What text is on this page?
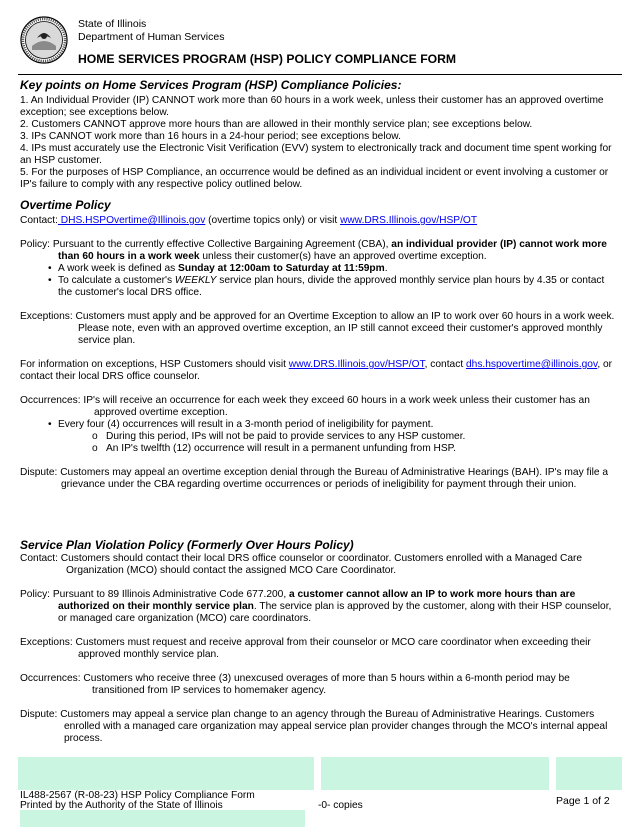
State of Illinois
Department of Human Services
HOME SERVICES PROGRAM (HSP) POLICY COMPLIANCE FORM
Key points on Home Services Program (HSP) Compliance Policies:
1. An Individual Provider (IP) CANNOT work more than 60 hours in a work week, unless their customer has an approved overtime exception; see exceptions below.
2. Customers CANNOT approve more hours than are allowed in their monthly service plan; see exceptions below.
3. IPs CANNOT work more than 16 hours in a 24-hour period; see exceptions below.
4. IPs must accurately use the Electronic Visit Verification (EVV) system to electronically track and document time spent working for an HSP customer.
5. For the purposes of HSP Compliance, an occurrence would be defined as an individual incident or event involving a customer or IP's failure to comply with any respective policy outlined below.
Overtime Policy
Contact: DHS.HSPOvertime@Illinois.gov (overtime topics only) or visit www.DRS.Illinois.gov/HSP/OT
Policy: Pursuant to the currently effective Collective Bargaining Agreement (CBA), an individual provider (IP) cannot work more than 60 hours in a work week unless their customer(s) have an approved overtime exception.
• A work week is defined as Sunday at 12:00am to Saturday at 11:59pm.
• To calculate a customer's WEEKLY service plan hours, divide the approved monthly service plan hours by 4.35 or contact the customer's local DRS office.
Exceptions: Customers must apply and be approved for an Overtime Exception to allow an IP to work over 60 hours in a work week. Please note, even with an approved overtime exception, an IP still cannot exceed their customer's approved monthly service plan.
For information on exceptions, HSP Customers should visit www.DRS.Illinois.gov/HSP/OT, contact dhs.hspovertime@illinois.gov, or contact their local DRS office counselor.
Occurrences: IP's will receive an occurrence for each week they exceed 60 hours in a work week unless their customer has an approved overtime exception.
• Every four (4) occurrences will result in a 3-month period of ineligibility for payment.
o During this period, IPs will not be paid to provide services to any HSP customer.
o An IP's twelfth (12) occurrence will result in a permanent unfunding from HSP.
Dispute: Customers may appeal an overtime exception denial through the Bureau of Administrative Hearings (BAH). IP's may file a grievance under the CBA regarding overtime occurrences or periods of ineligibility for payment through their union.
Service Plan Violation Policy (Formerly Over Hours Policy)
Contact: Customers should contact their local DRS office counselor or coordinator. Customers enrolled with a Managed Care Organization (MCO) should contact the assigned MCO Care Coordinator.
Policy: Pursuant to 89 Illinois Administrative Code 677.200, a customer cannot allow an IP to work more hours than are authorized on their monthly service plan. The service plan is approved by the customer, along with their HSP counselor, or managed care organization (MCO) care coordinators.
Exceptions: Customers must request and receive approval from their counselor or MCO care coordinator when exceeding their approved monthly service plan.
Occurrences: Customers who receive three (3) unexcused overages of more than 5 hours within a 6-month period may be transitioned from IP services to homemaker agency.
Dispute: Customers may appeal a service plan change to an agency through the Bureau of Administrative Hearings. Customers enrolled with a managed care organization may appeal service plan provider changes through the MCO's internal appeal process.
IL488-2567 (R-08-23) HSP Policy Compliance Form
Printed by the Authority of the State of Illinois	-0- copies	Page 1 of 2
